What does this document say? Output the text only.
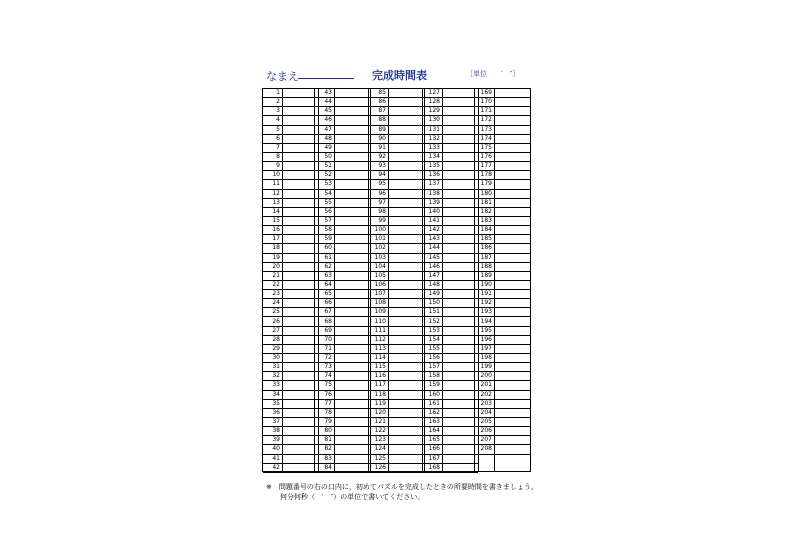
なまえ	完成時間表	［単位　　′　″］
1
2
3
4
5
6
7
8
9
10
11
12
13
14
15
16
17
18
19
20
21
22
23
24
25
26
27
28
29
30
31
32
33
34
35
36
37
38
39
40
41
42
43
44
45
46
47
48
49
50
51
52
53
54
55
56
57
58
59
60
61
62
63
64
65
66
67
68
69
70
71
72
73
74
75
76
77
78
79
80
81
82
83
84
85
86
87
88
89
90
91
92
93
94
95
96
97
98
99
100
101
102
103
104
105
106
107
108
109
110
111
112
113
114
115
116
117
118
119
120
121
122
123
124
125
126
127
128
129
130
131
132
133
134
135
136
137
138
139
140
141
142
143
144
145
146
147
148
149
150
151
152
153
154
155
156
157
158
159
160
161
162
163
164
165
166
167
168
169
170
171
172
173
174
175
176
177
178
179
180
181
182
183
184
185
186
187
188
189
190
191
192
193
194
195
196
197
198
199
200
201
202
203
204
205
206
207
208
※　問題番号の右の口内に，初めてパズルを完成したときの所要時間を書きましょう。
何分何秒（　′　″）の単位で書いてください。
